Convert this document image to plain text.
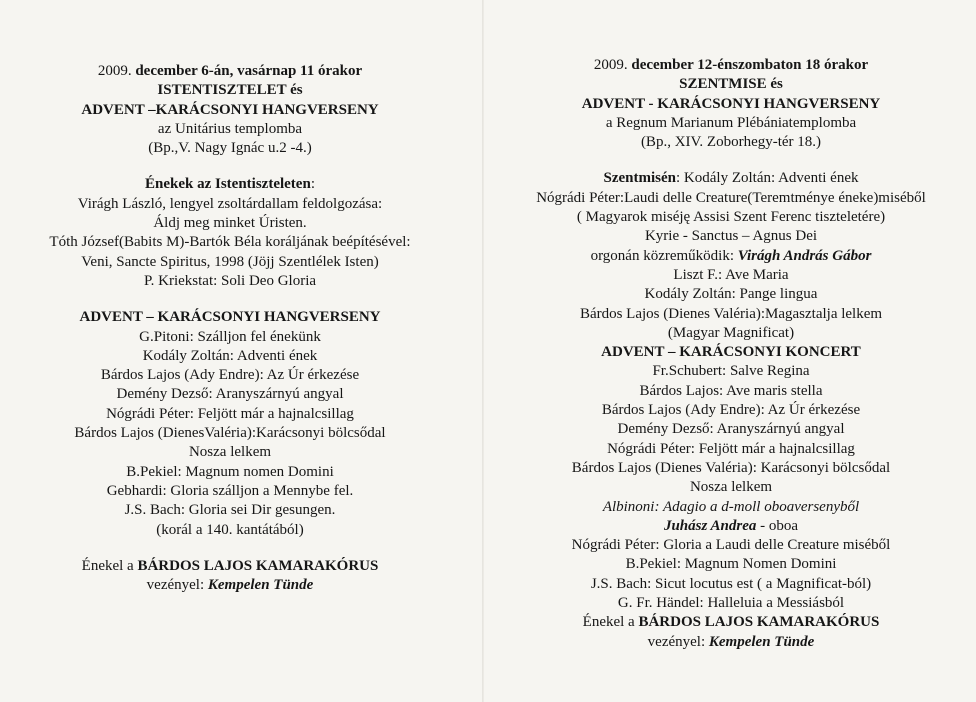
2009. december 6-án, vasárnap 11 órakor
ISTENTISZTELET és
ADVENT –KARÁCSONYI HANGVERSENY
az Unitárius templomba
(Bp.,V. Nagy Ignác u.2 -4.)
Énekek az Istentiszteleten:
Virágh László, lengyel zsoltárdallam feldolgozása:
Áldj meg minket Úristen.
Tóth József(Babits M)-Bartók Béla koráljának beépítésével:
Veni, Sancte Spiritus, 1998 (Jöjj Szentlélek Isten)
P. Kriekstat: Soli Deo Gloria
ADVENT – KARÁCSONYI HANGVERSENY
G.Pitoni: Szálljon fel énekünk
Kodály Zoltán: Adventi ének
Bárdos Lajos (Ady Endre): Az Úr érkezése
Demény Dezső: Aranyszárnyú angyal
Nógrádi Péter: Feljött már a hajnalcsillag
Bárdos Lajos (DienesValéria):Karácsonyi bölcsődal
Nosza lelkem
B.Pekiel: Magnum nomen Domini
Gebhardi: Gloria szálljon a Mennybe fel.
J.S. Bach: Gloria sei Dir gesungen.
(korál a 140. kantátából)
Énekel a BÁRDOS LAJOS KAMARAKÓRUS
vezényel: Kempelen Tünde
2009. december 12-énszombaton 18 órakor
SZENTMISE és
ADVENT - KARÁCSONYI HANGVERSENY
a Regnum Marianum Plébániatemplomba
(Bp., XIV. Zoborhegy-tér 18.)
Szentmisén: Kodály Zoltán: Adventi ének
Nógrádi Péter:Laudi delle Creature(Teremtménye éneke)miséből
( Magyarok miséję Assisi Szent Ferenc tiszteletére)
Kyrie - Sanctus – Agnus Dei
orgonán közreműködik: Virágh András Gábor
Liszt F.: Ave Maria
Kodály Zoltán: Pange lingua
Bárdos Lajos (Dienes Valéria):Magasztalja lelkem
(Magyar Magnificat)
ADVENT – KARÁCSONYI KONCERT
Fr.Schubert: Salve Regina
Bárdos Lajos: Ave maris stella
Bárdos Lajos (Ady Endre): Az Úr érkezése
Demény Dezső: Aranyszárnyú angyal
Nógrádi Péter: Feljött már a hajnalcsillag
Bárdos Lajos (Dienes Valéria): Karácsonyi bölcsődal
Nosza lelkem
Albinoni: Adagio a d-moll oboaversenyből
Juhász Andrea - oboa
Nógrádi Péter: Gloria a Laudi delle Creature miséből
B.Pekiel: Magnum Nomen Domini
J.S. Bach: Sicut locutus est ( a Magnificat-ból)
G. Fr. Händel: Halleluia a Messiásból
Énekel a BÁRDOS LAJOS KAMARAKÓRUS
vezényel: Kempelen Tünde
